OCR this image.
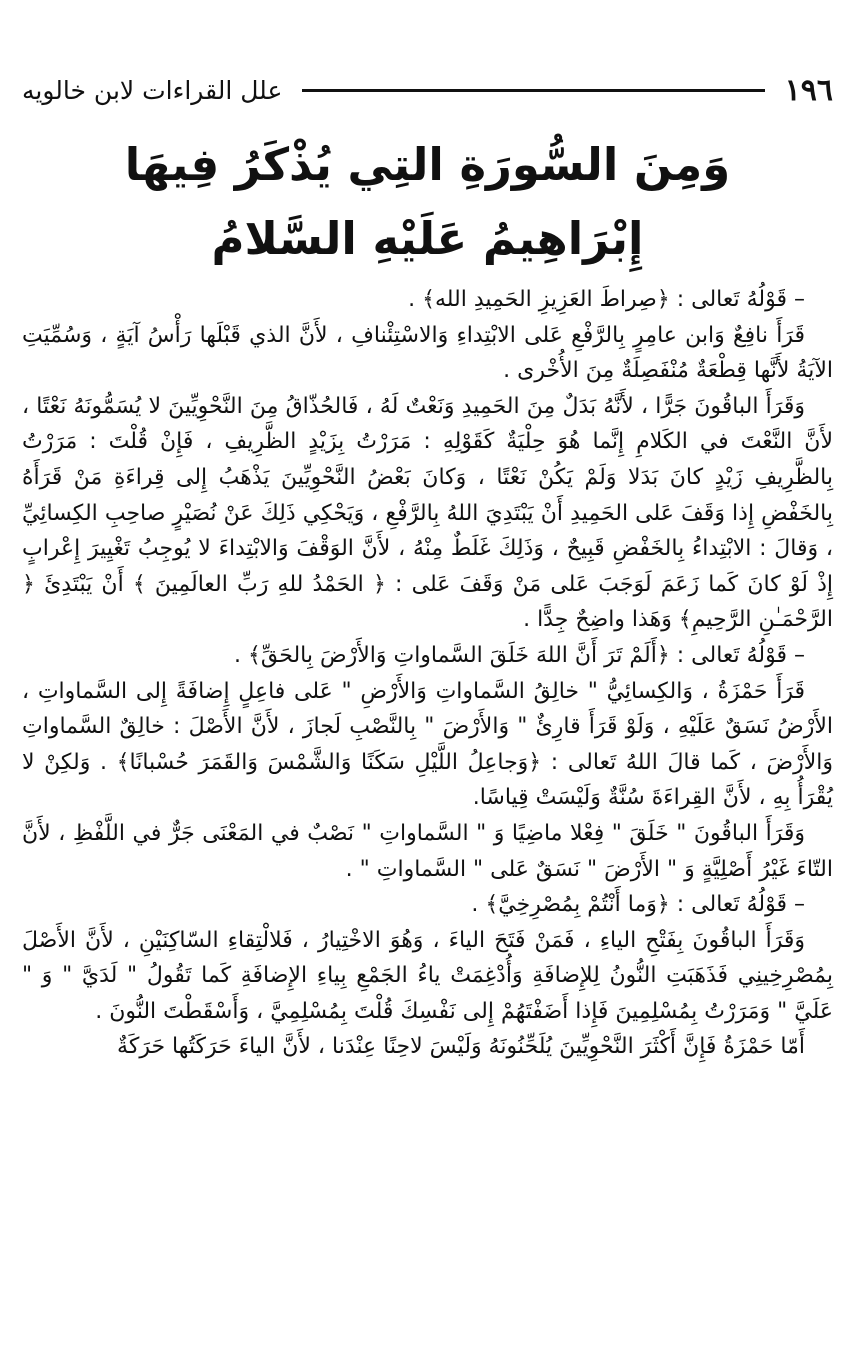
١٩٦
علل القراءات لابن خالويه
وَمِنَ السُّورَةِ التِي يُذْكَرُ فِيهَا
إِبْرَاهِيمُ عَلَيْهِ السَّلامُ

– قَوْلُهُ تَعالى : ﴿صِراطَ العَزِيزِ الحَمِيدِ الله﴾ .

قَرَأَ نافِعٌ وَابن عامِرٍ بِالرَّفْعِ عَلى الابْتِداءِ وَالاسْتِئْنافِ ، لأَنَّ الذي قَبْلَها رَأْسُ آيَةٍ ، وَسُمِّيَتِ الآيَةُ لأَنَّها قِطْعَةٌ مُنْفَصِلَةٌ مِنَ الأُخْرى .

وَقَرَأَ الباقُونَ جَرًّا ، لأَنَّهُ بَدَلٌ مِنَ الحَمِيدِ وَنَعْتٌ لَهُ ، فَالحُذّاقُ مِنَ النَّحْوِيِّينَ لا يُسَمُّونَهُ نَعْتًا ، لأَنَّ النَّعْتَ في الكَلامِ إِنَّما هُوَ حِلْيَةٌ كَقَوْلِهِ : مَرَرْتُ بِزَيْدٍ الظَّرِيفِ ، فَإِنْ قُلْتَ : مَرَرْتُ بِالظَّرِيفِ زَيْدٍ كانَ بَدَلا وَلَمْ يَكُنْ نَعْتًا ، وَكانَ بَعْضُ النَّحْوِيِّينَ يَذْهَبُ إِلى قِراءَةِ مَنْ قَرَأَهُ بِالخَفْضِ إِذا وَقَفَ عَلى الحَمِيدِ أَنْ يَبْتَدِيَ اللهُ بِالرَّفْعِ ، وَيَحْكِي ذَلِكَ عَنْ نُصَيْرٍ صاحِبِ الكِسائِيِّ ، وَقالَ : الابْتِداءُ بِالخَفْضِ قَبِيحٌ ، وَذَلِكَ غَلَطٌ مِنْهُ ، لأَنَّ الوَقْفَ وَالابْتِداءَ لا يُوجِبُ تَغْيِيرَ إِعْرابٍ إِذْ لَوْ كانَ كَما زَعَمَ لَوَجَبَ عَلى مَنْ وَقَفَ عَلى : ﴿ الحَمْدُ للهِ رَبِّ العالَمِينَ ﴾ أَنْ يَبْتَدِئَ ﴿ الرَّحْمَـٰنِ الرَّحِيمِ﴾ وَهَذا واضِحٌ جِدًّا .

– قَوْلُهُ تَعالى : ﴿أَلَمْ تَرَ أَنَّ اللهَ خَلَقَ السَّماواتِ وَالأَرْضَ بِالحَقِّ﴾ .

قَرَأَ حَمْزَةُ ، وَالكِسائِيُّ " خالِقُ السَّماواتِ وَالأَرْضِ " عَلى فاعِلٍ إِضافَةً إِلى السَّماواتِ ، الأَرْضُ نَسَقٌ عَلَيْهِ ، وَلَوْ قَرَأَ قارِئٌ " وَالأَرْضَ " بِالنَّصْبِ لَجازَ ، لأَنَّ الأَصْلَ : خالِقٌ السَّماواتِ وَالأَرْضَ ، كَما قالَ اللهُ تَعالى : ﴿وَجاعِلُ اللَّيْلِ سَكَنًا وَالشَّمْسَ وَالقَمَرَ حُسْبانًا﴾ . وَلكِنْ لا يُقْرَأُ بِهِ ، لأَنَّ القِراءَةَ سُنَّةٌ وَلَيْسَتْ قِياسًا.

وَقَرَأَ الباقُونَ " خَلَقَ " فِعْلا ماضِيًا وَ " السَّماواتِ " نَصْبٌ في المَعْنَى جَرٌّ في اللَّفْظِ ، لأَنَّ التّاءَ غَيْرُ أَصْلِيَّةٍ وَ " الأَرْضَ " نَسَقٌ عَلى " السَّماواتِ " .

– قَوْلُهُ تَعالى : ﴿وَما أَنْتُمْ بِمُصْرِخِيَّ﴾ .

وَقَرَأَ الباقُونَ بِفَتْحِ الياءِ ، فَمَنْ فَتَحَ الياءَ ، وَهُوَ الاخْتِيارُ ، فَلالْتِقاءِ السّاكِنَيْنِ ، لأَنَّ الأَصْلَ بِمُصْرِخِينِي فَذَهَبَتِ النُّونُ لِلإِضافَةِ وَأُدْغِمَتْ ياءُ الجَمْعِ بِياءِ الإِضافَةِ كَما تَقُولُ " لَدَيَّ " وَ " عَلَيَّ " وَمَرَرْتُ بِمُسْلِمِينَ فَإِذا أَضَفْتَهُمْ إِلى نَفْسِكَ قُلْتَ بِمُسْلِمِيَّ ، وَأَسْقَطْتَ النُّونَ .

أَمّا حَمْزَةُ فَإِنَّ أَكْثَرَ النَّحْوِيِّينَ يُلَحِّنُونَهُ وَلَيْسَ لاحِنًا عِنْدَنا ، لأَنَّ الياءَ حَرَكَتُها حَرَكَةٌ
